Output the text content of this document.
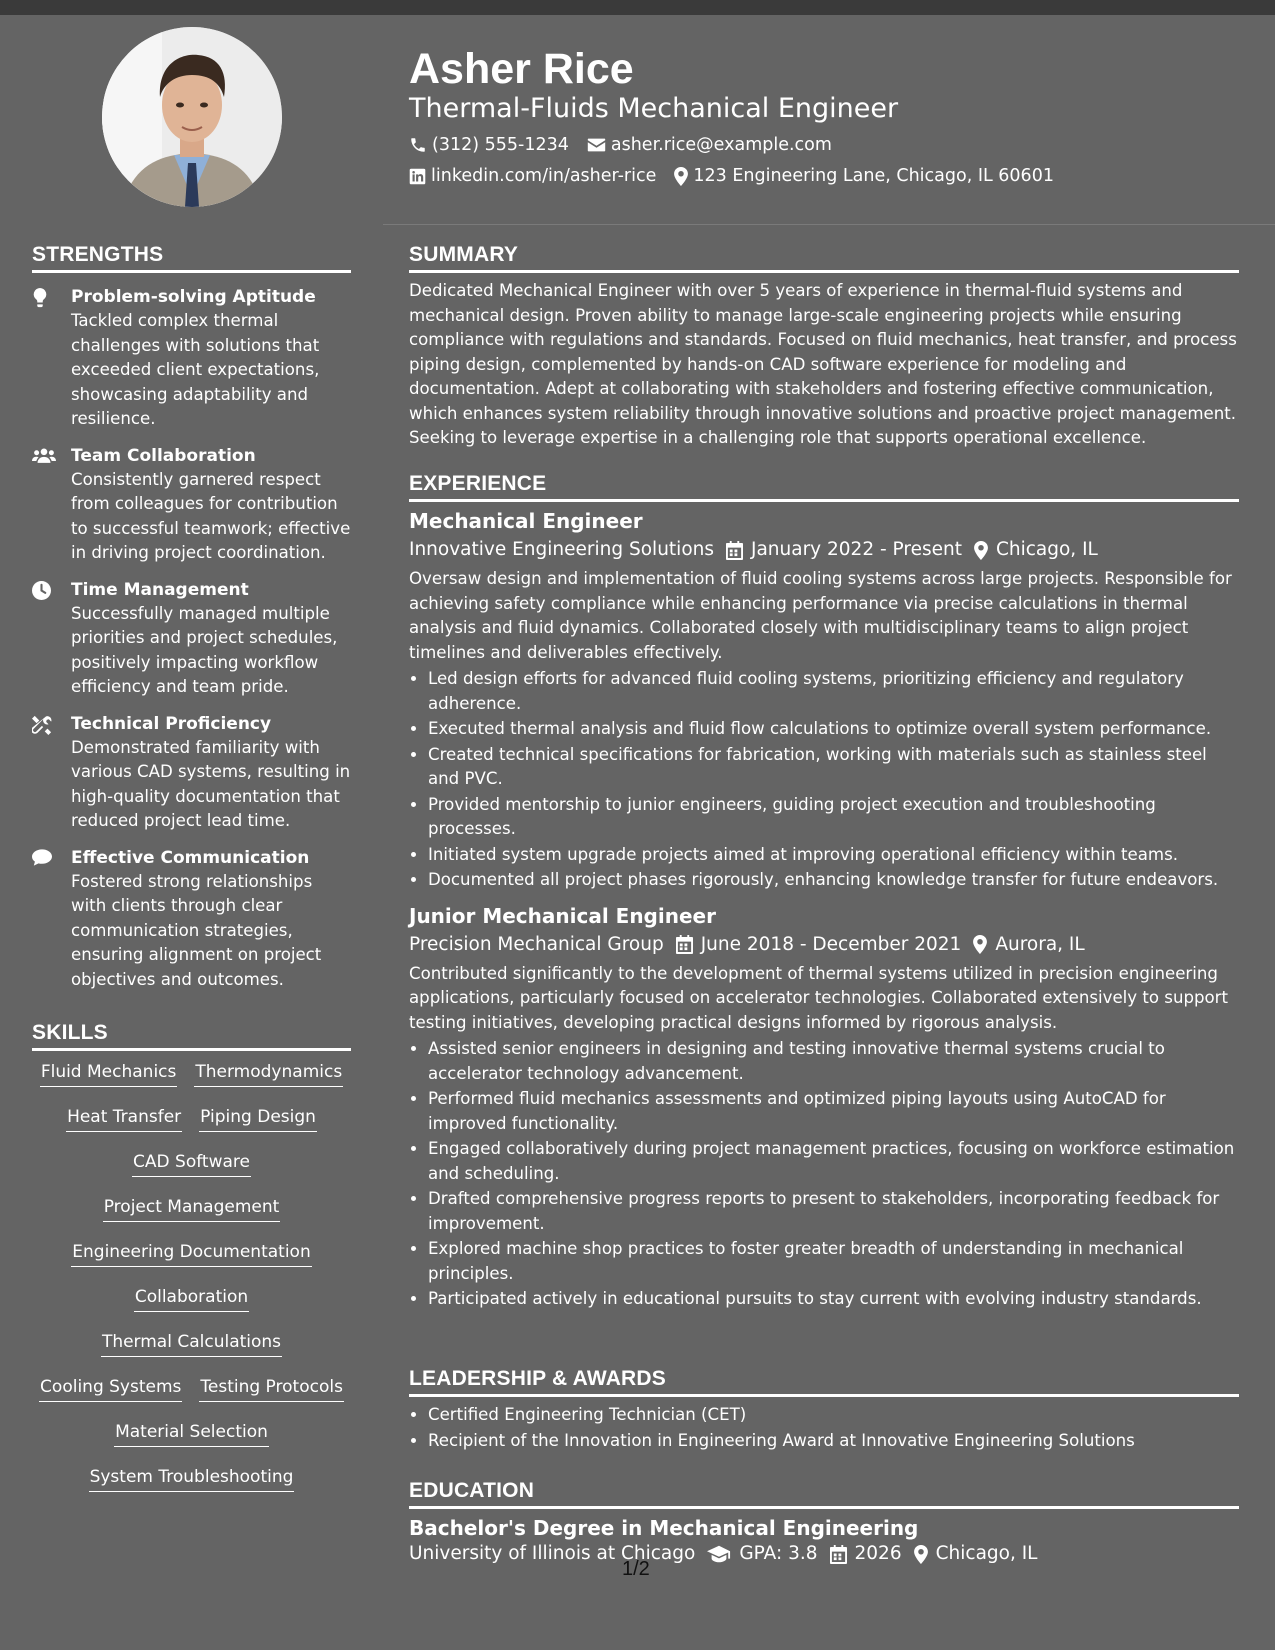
STRENGTHS
Problem-solving Aptitude
Tackled complex thermal challenges with solutions that exceeded client expectations, showcasing adaptability and resilience.
Team Collaboration
Consistently garnered respect from colleagues for contribution to successful teamwork; effective in driving project coordination.
Time Management
Successfully managed multiple priorities and project schedules, positively impacting workflow efficiency and team pride.
Technical Proficiency
Demonstrated familiarity with various CAD systems, resulting in high-quality documentation that reduced project lead time.
Effective Communication
Fostered strong relationships with clients through clear communication strategies, ensuring alignment on project objectives and outcomes.
SKILLS
Fluid Mechanics Thermodynamics
Heat Transfer Piping Design
CAD Software
Project Management
Engineering Documentation
Collaboration
Thermal Calculations
Cooling Systems Testing Protocols
Material Selection
System Troubleshooting
Asher Rice
Thermal-Fluids Mechanical Engineer
(312) 555-1234 asher.rice@example.com
linkedin.com/in/asher-rice 123 Engineering Lane, Chicago, IL 60601
SUMMARY

Dedicated Mechanical Engineer with over 5 years of experience in thermal-fluid systems and mechanical design. Proven ability to manage large-scale engineering projects while ensuring compliance with regulations and standards. Focused on fluid mechanics, heat transfer, and process piping design, complemented by hands-on CAD software experience for modeling and documentation. Adept at collaborating with stakeholders and fostering effective communication, which enhances system reliability through innovative solutions and proactive project management. Seeking to leverage expertise in a challenging role that supports operational excellence.

EXPERIENCE
Mechanical Engineer
Innovative Engineering Solutions January 2022 - Present Chicago, IL

Oversaw design and implementation of fluid cooling systems across large projects. Responsible for achieving safety compliance while enhancing performance via precise calculations in thermal analysis and fluid dynamics. Collaborated closely with multidisciplinary teams to align project timelines and deliverables effectively.

• Led design efforts for advanced fluid cooling systems, prioritizing efficiency and regulatory adherence.
• Executed thermal analysis and fluid flow calculations to optimize overall system performance.
• Created technical specifications for fabrication, working with materials such as stainless steel and PVC.
• Provided mentorship to junior engineers, guiding project execution and troubleshooting processes.
• Initiated system upgrade projects aimed at improving operational efficiency within teams.
• Documented all project phases rigorously, enhancing knowledge transfer for future endeavors.
Junior Mechanical Engineer
Precision Mechanical Group June 2018 - December 2021 Aurora, IL

Contributed significantly to the development of thermal systems utilized in precision engineering applications, particularly focused on accelerator technologies. Collaborated extensively to support testing initiatives, developing practical designs informed by rigorous analysis.

• Assisted senior engineers in designing and testing innovative thermal systems crucial to accelerator technology advancement.
• Performed fluid mechanics assessments and optimized piping layouts using AutoCAD for improved functionality.
• Engaged collaboratively during project management practices, focusing on workforce estimation and scheduling.
• Drafted comprehensive progress reports to present to stakeholders, incorporating feedback for improvement.
• Explored machine shop practices to foster greater breadth of understanding in mechanical principles.
• Participated actively in educational pursuits to stay current with evolving industry standards.
LEADERSHIP & AWARDS
• Certified Engineering Technician (CET)
• Recipient of the Innovation in Engineering Award at Innovative Engineering Solutions
EDUCATION
Bachelor's Degree in Mechanical Engineering
University of Illinois at Chicago GPA: 3.8 2026 Chicago, IL
1/2
